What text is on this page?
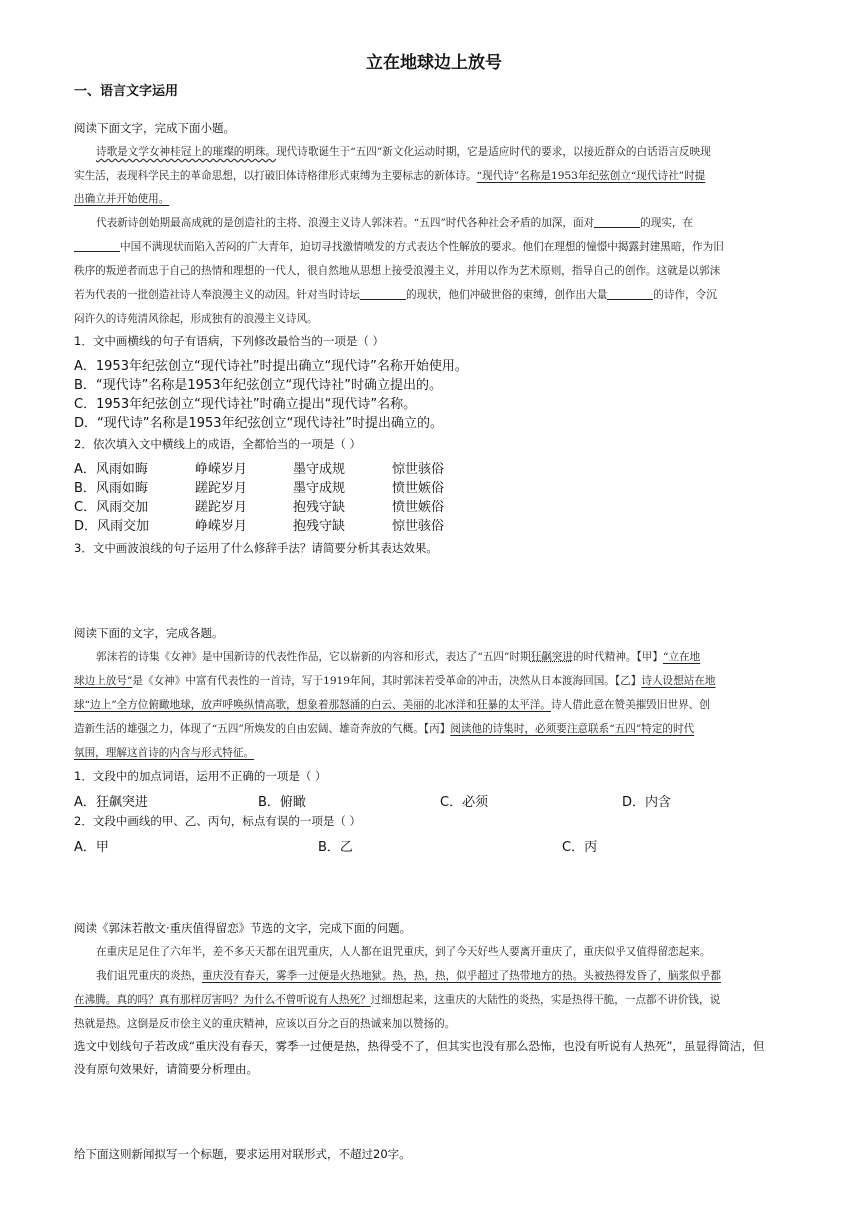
立在地球边上放号
一、语言文字运用
阅读下面文字，完成下面小题。
诗歌是文学女神桂冠上的璀璨的明珠。现代诗歌诞生于“五四”新文化运动时期，它是适应时代的要求，以接近群众的白话语言反映现
实生活，表现科学民主的革命思想，以打破旧体诗格律形式束缚为主要标志的新体诗。“现代诗”名称是1953年纪弦创立“现代诗社”时提
出确立并开始使用。
代表新诗创始期最高成就的是创造社的主将、浪漫主义诗人郭沫若。“五四”时代各种社会矛盾的加深，面对	的现实，在
中国不满现状而陷入苦闷的广大青年，迫切寻找激情喷发的方式表达个性解放的要求。他们在理想的憧憬中揭露封建黑暗，作为旧
秩序的叛逆者而忠于自己的热情和理想的一代人，很自然地从思想上接受浪漫主义，并用以作为艺术原则，指导自己的创作。这就是以郭沫
若为代表的一批创造社诗人奉浪漫主义的动因。针对当时诗坛	的现状，他们冲破世俗的束缚，创作出大量	的诗作，令沉
闷许久的诗苑清风徐起，形成独有的浪漫主义诗风。
1．文中画横线的句子有语病，下列修改最恰当的一项是（ ）
A．1953年纪弦创立“现代诗社”时提出确立“现代诗”名称开始使用。
B．“现代诗”名称是1953年纪弦创立“现代诗社”时确立提出的。
C．1953年纪弦创立“现代诗社”时确立提出“现代诗”名称。
D．“现代诗”名称是1953年纪弦创立“现代诗社”时提出确立的。
2．依次填入文中横线上的成语，全都恰当的一项是（ ）
A．风雨如晦	峥嵘岁月	墨守成规	惊世骇俗
B．风雨如晦	蹉跎岁月	墨守成规	愤世嫉俗
C．风雨交加	蹉跎岁月	抱残守缺	愤世嫉俗
D．风雨交加	峥嵘岁月	抱残守缺	惊世骇俗
3．文中画波浪线的句子运用了什么修辞手法？请简要分析其表达效果。
阅读下面的文字，完成各题。
郭沫若的诗集《女神》是中国新诗的代表性作品，它以崭新的内容和形式，表达了“五四”时期狂飙突进的时代精神。【甲】“立在地
球边上放号”是《女神》中富有代表性的一首诗，写于1919年间，其时郭沫若受革命的冲击，决然从日本渡海回国。【乙】诗人设想站在地
球“边上”全方位俯瞰地球，放声呼唤纵情高歌，想象着那怒涌的白云、美丽的北冰洋和狂暴的太平洋。诗人借此意在赞美摧毁旧世界、创
造新生活的雄强之力，体现了“五四”所焕发的自由宏阔、雄奇奔放的气概。【丙】阅读他的诗集时，必须要注意联系“五四”特定的时代
氛围，理解这首诗的内含与形式特征。
1．文段中的加点词语，运用不正确的一项是（ ）
A．狂飙突进	B．俯瞰	C．必须	D．内含
2．文段中画线的甲、乙、丙句，标点有误的一项是（ ）
A．甲	B．乙	C．丙
阅读《郭沫若散文·重庆值得留恋》节选的文字，完成下面的问题。
在重庆足足住了六年半，差不多天天都在诅咒重庆，人人都在诅咒重庆，到了今天好些人要离开重庆了，重庆似乎又值得留恋起来。
我们诅咒重庆的炎热，重庆没有春天，雾季一过便是火热地狱。热，热，热，似乎超过了热带地方的热。头被热得发昏了，脑浆似乎都
在沸腾。真的吗？真有那样厉害吗？为什么不曾听说有人热死？过细想起来，这重庆的大陆性的炎热，实是热得干脆，一点都不讲价钱，说
热就是热。这倒是反市侩主义的重庆精神，应该以百分之百的热诚来加以赞扬的。
选文中划线句子若改成“重庆没有春天，雾季一过便是热，热得受不了，但其实也没有那么恐怖，也没有听说有人热死”，虽显得简洁，但
没有原句效果好，请简要分析理由。
给下面这则新闻拟写一个标题，要求运用对联形式，不超过20字。
